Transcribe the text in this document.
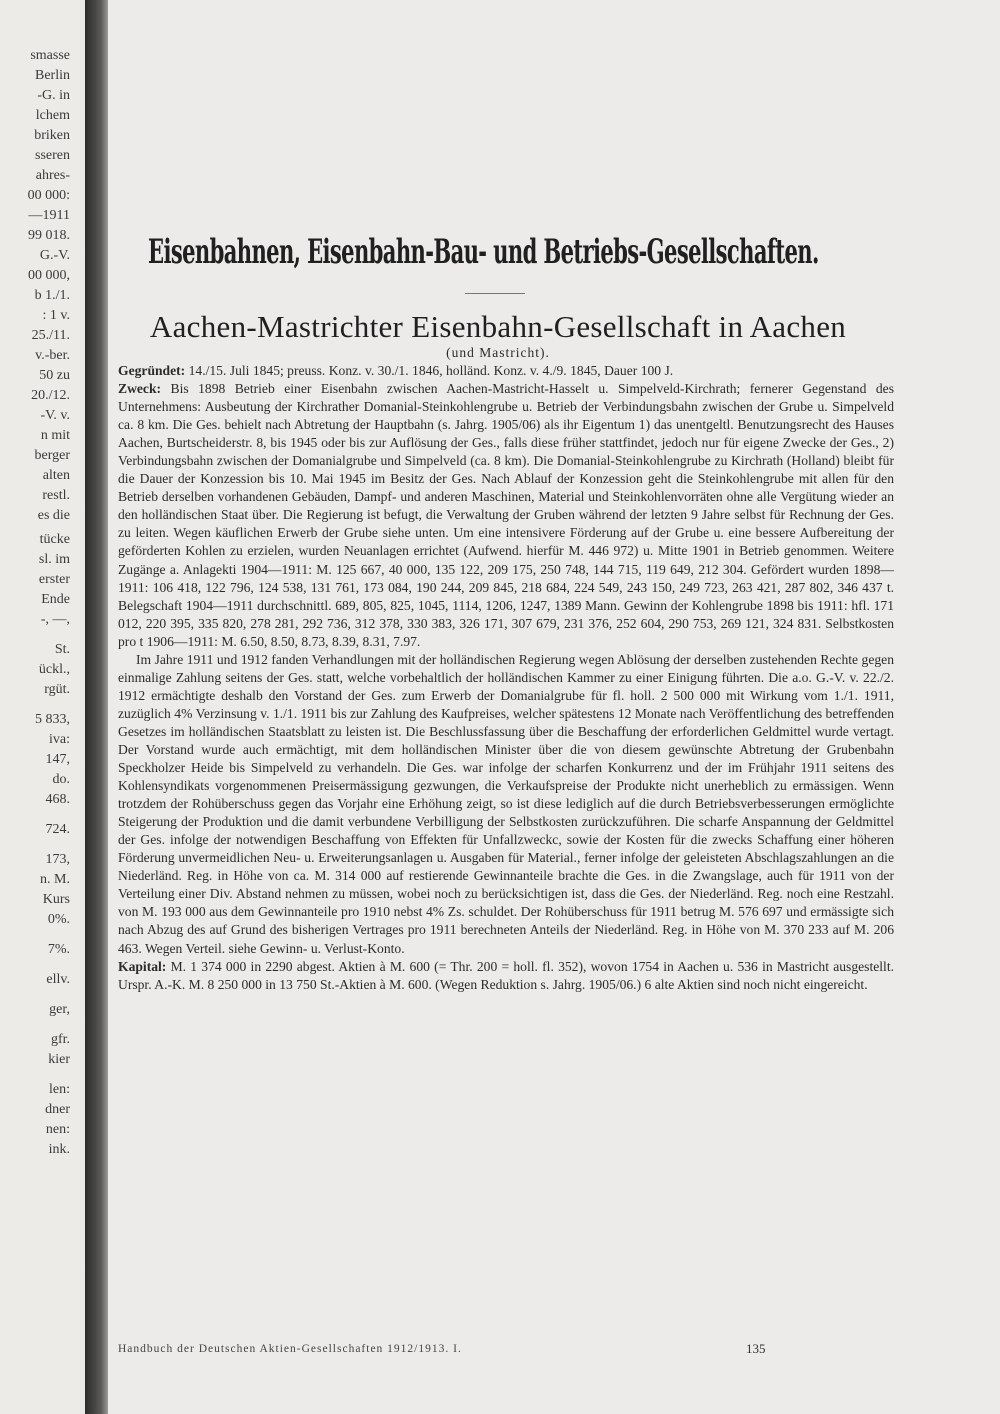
smasse
Berlin
-G. in
lchem
briken
sseren
ahres-
00 000:
—1911
99 018.
G.-V.
00 000,
b 1./1.
: 1 v.
25./11.
v.-ber.
50 zu
20./12.
-V. v.
n mit
berger
alten
restl.
es die
tücke
sl. im
erster
Ende
-, —,
St.
ückl.,
rgüt.
5 833,
iva:
147,
do.
468.
724.
173,
n. M.
Kurs
0%.
7%.
ellv.
ger,
gfr.
kier
len:
dner
nen:
ink.
Eisenbahnen, Eisenbahn-Bau- und Betriebs-Gesellschaften.
Aachen-Mastrichter Eisenbahn-Gesellschaft in Aachen
(und Mastricht).

Gegründet: 14./15. Juli 1845; preuss. Konz. v. 30./1. 1846, holländ. Konz. v. 4./9. 1845, Dauer 100 J.

Zweck: Bis 1898 Betrieb einer Eisenbahn zwischen Aachen-Mastricht-Hasselt u. Simpelveld-Kirchrath; fernerer Gegenstand des Unternehmens: Ausbeutung der Kirchrather Domanial-Steinkohlengrube u. Betrieb der Verbindungsbahn zwischen der Grube u. Simpelveld ca. 8 km. Die Ges. behielt nach Abtretung der Hauptbahn (s. Jahrg. 1905/06) als ihr Eigentum 1) das unentgeltl. Benutzungsrecht des Hauses Aachen, Burtscheiderstr. 8, bis 1945 oder bis zur Auflösung der Ges., falls diese früher stattfindet, jedoch nur für eigene Zwecke der Ges., 2) Verbindungsbahn zwischen der Domanialgrube und Simpelveld (ca. 8 km). Die Domanial-Steinkohlengrube zu Kirchrath (Holland) bleibt für die Dauer der Konzession bis 10. Mai 1945 im Besitz der Ges. Nach Ablauf der Konzession geht die Steinkohlengrube mit allen für den Betrieb derselben vorhandenen Gebäuden, Dampf- und anderen Maschinen, Material und Steinkohlenvorräten ohne alle Vergütung wieder an den holländischen Staat über. Die Regierung ist befugt, die Verwaltung der Gruben während der letzten 9 Jahre selbst für Rechnung der Ges. zu leiten. Wegen käuflichen Erwerb der Grube siehe unten. Um eine intensivere Förderung auf der Grube u. eine bessere Aufbereitung der geförderten Kohlen zu erzielen, wurden Neuanlagen errichtet (Aufwend. hierfür M. 446 972) u. Mitte 1901 in Betrieb genommen. Weitere Zugänge a. Anlagekti 1904—1911: M. 125 667, 40 000, 135 122, 209 175, 250 748, 144 715, 119 649, 212 304. Gefördert wurden 1898—1911: 106 418, 122 796, 124 538, 131 761, 173 084, 190 244, 209 845, 218 684, 224 549, 243 150, 249 723, 263 421, 287 802, 346 437 t. Belegschaft 1904—1911 durchschnittl. 689, 805, 825, 1045, 1114, 1206, 1247, 1389 Mann. Gewinn der Kohlengrube 1898 bis 1911: hfl. 171 012, 220 395, 335 820, 278 281, 292 736, 312 378, 330 383, 326 171, 307 679, 231 376, 252 604, 290 753, 269 121, 324 831. Selbstkosten pro t 1906—1911: M. 6.50, 8.50, 8.73, 8.39, 8.31, 7.97.

Im Jahre 1911 und 1912 fanden Verhandlungen mit der holländischen Regierung wegen Ablösung der derselben zustehenden Rechte gegen einmalige Zahlung seitens der Ges. statt, welche vorbehaltlich der holländischen Kammer zu einer Einigung führten. Die a.o. G.-V. v. 22./2. 1912 ermächtigte deshalb den Vorstand der Ges. zum Erwerb der Domanialgrube für fl. holl. 2 500 000 mit Wirkung vom 1./1. 1911, zuzüglich 4% Verzinsung v. 1./1. 1911 bis zur Zahlung des Kaufpreises, welcher spätestens 12 Monate nach Veröffentlichung des betreffenden Gesetzes im holländischen Staatsblatt zu leisten ist. Die Beschlussfassung über die Beschaffung der erforderlichen Geldmittel wurde vertagt. Der Vorstand wurde auch ermächtigt, mit dem holländischen Minister über die von diesem gewünschte Abtretung der Grubenbahn Speckholzer Heide bis Simpelveld zu verhandeln. Die Ges. war infolge der scharfen Konkurrenz und der im Frühjahr 1911 seitens des Kohlensyndikats vorgenommenen Preisermässigung gezwungen, die Verkaufspreise der Produkte nicht unerheblich zu ermässigen. Wenn trotzdem der Rohüberschuss gegen das Vorjahr eine Erhöhung zeigt, so ist diese lediglich auf die durch Betriebsverbesserungen ermöglichte Steigerung der Produktion und die damit verbundene Verbilligung der Selbstkosten zurückzuführen. Die scharfe Anspannung der Geldmittel der Ges. infolge der notwendigen Beschaffung von Effekten für Unfallzweckc, sowie der Kosten für die zwecks Schaffung einer höheren Förderung unvermeidlichen Neu- u. Erweiterungsanlagen u. Ausgaben für Material., ferner infolge der geleisteten Abschlagszahlungen an die Niederländ. Reg. in Höhe von ca. M. 314 000 auf restierende Gewinnanteile brachte die Ges. in die Zwangslage, auch für 1911 von der Verteilung einer Div. Abstand nehmen zu müssen, wobei noch zu berücksichtigen ist, dass die Ges. der Niederländ. Reg. noch eine Restzahl. von M. 193 000 aus dem Gewinnanteile pro 1910 nebst 4% Zs. schuldet. Der Rohüberschuss für 1911 betrug M. 576 697 und ermässigte sich nach Abzug des auf Grund des bisherigen Vertrages pro 1911 berechneten Anteils der Niederländ. Reg. in Höhe von M. 370 233 auf M. 206 463. Wegen Verteil. siehe Gewinn- u. Verlust-Konto.

Kapital: M. 1 374 000 in 2290 abgest. Aktien à M. 600 (= Thr. 200 = holl. fl. 352), wovon 1754 in Aachen u. 536 in Mastricht ausgestellt. Urspr. A.-K. M. 8 250 000 in 13 750 St.-Aktien à M. 600. (Wegen Reduktion s. Jahrg. 1905/06.) 6 alte Aktien sind noch nicht eingereicht.

Handbuch der Deutschen Aktien-Gesellschaften 1912/1913. I.	135
